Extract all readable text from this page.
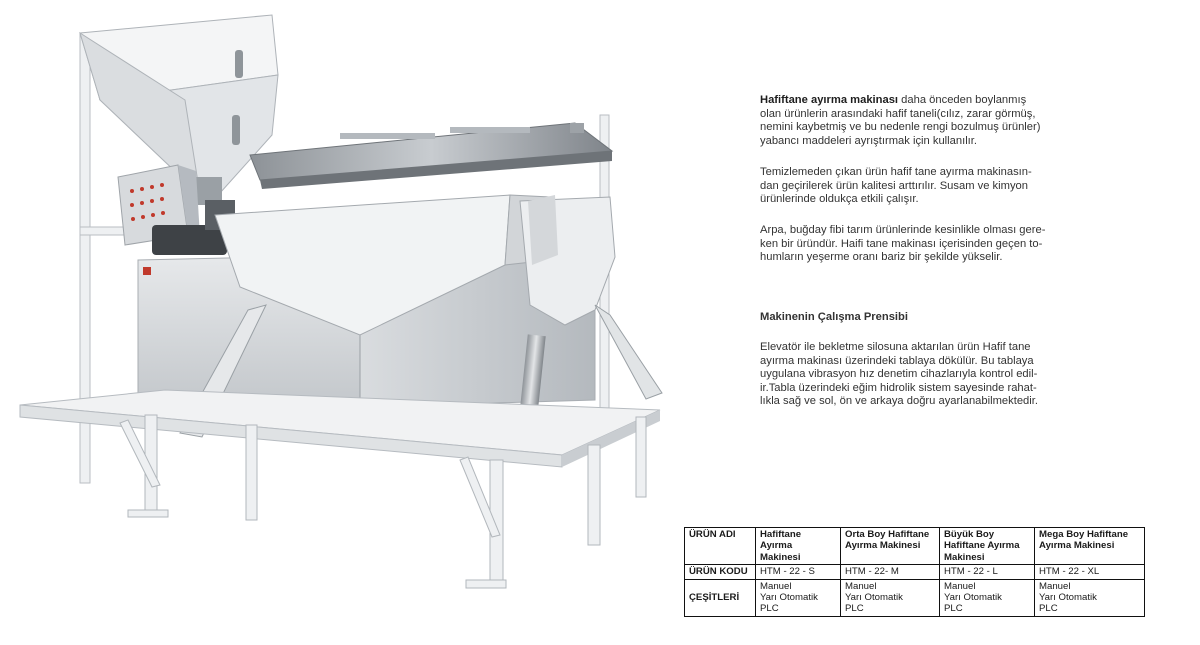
Hafiftane ayırma makinası daha önceden boylanmış
olan ürünlerin arasındaki hafif taneli(cılız, zarar görmüş,
nemini kaybetmiş ve bu nedenle rengi bozulmuş ürünler)
yabancı maddeleri ayrıştırmak için kullanılır.

Temizlemeden çıkan ürün hafif tane ayırma makinasın-
dan geçirilerek ürün kalitesi arttırılır. Susam ve kimyon
ürünlerinde oldukça etkili çalışır.

Arpa, buğday fibi tarım ürünlerinde kesinlikle olması gere-
ken bir üründür. Haifi tane makinası içerisinden geçen to-
humların yeşerme oranı bariz bir şekilde yükselir.

Makinenin Çalışma Prensibi

Elevatör ile bekletme silosuna aktarılan ürün Hafif tane
ayırma makinası üzerindeki tablaya dökülür. Bu tablaya
uygulana vibrasyon hız denetim cihazlarıyla kontrol edil-
ir.Tabla üzerindeki eğim hidrolik sistem sayesinde rahat-
lıkla sağ ve sol, ön ve arkaya doğru ayarlanabilmektedir.

ÜRÜN ADI	Hafiftane
Ayırma
Makinesi	Orta Boy Hafiftane
Ayırma Makinesi	Büyük Boy
Hafiftane Ayırma
Makinesi	Mega Boy Hafiftane
Ayırma Makinesi

ÜRÜN KODU	HTM - 22 - S	HTM - 22- M	HTM - 22 - L	HTM - 22 - XL
ÇEŞİTLERİ	Manuel
Yarı Otomatik
PLC	Manuel
Yarı Otomatik
PLC	Manuel
Yarı Otomatik
PLC	Manuel
Yarı Otomatik
PLC
